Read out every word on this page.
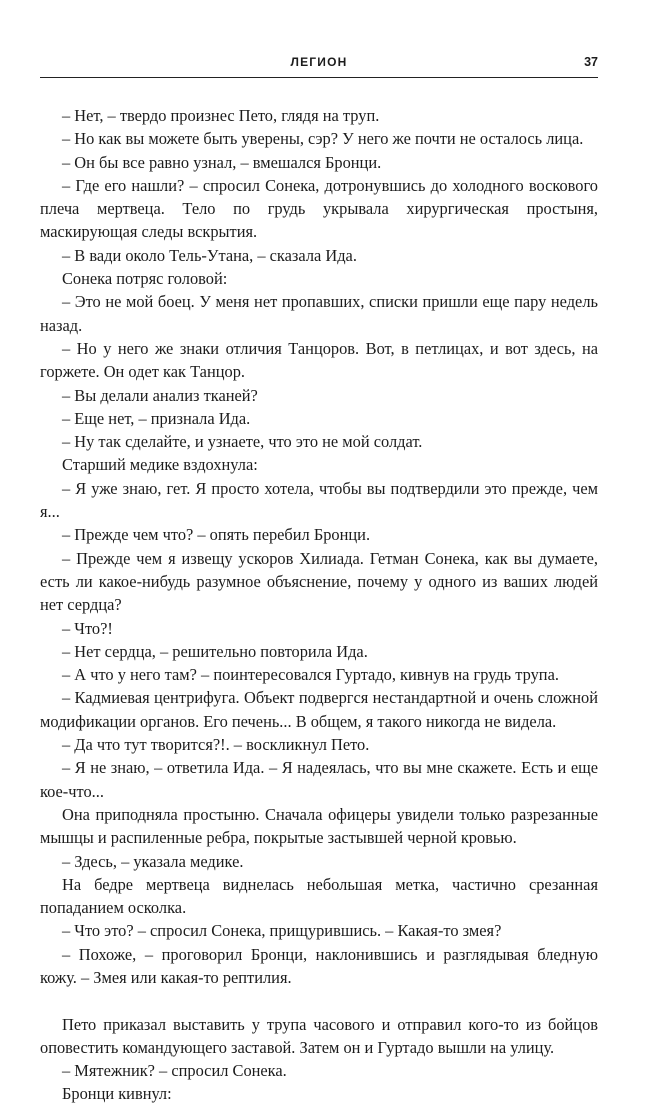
ЛЕГИОН	37

– Нет, – твердо произнес Пето, глядя на труп.

– Но как вы можете быть уверены, сэр? У него же почти не осталось лица.

– Он бы все равно узнал, – вмешался Бронци.

– Где его нашли? – спросил Сонека, дотронувшись до холодного воскового плеча мертвеца. Тело по грудь укрывала хирургическая простыня, маскирующая следы вскрытия.

– В вади около Тель-Утана, – сказала Ида.

Сонека потряс головой:

– Это не мой боец. У меня нет пропавших, списки пришли еще пару недель назад.

– Но у него же знаки отличия Танцоров. Вот, в петлицах, и вот здесь, на горжете. Он одет как Танцор.

– Вы делали анализ тканей?

– Еще нет, – признала Ида.

– Ну так сделайте, и узнаете, что это не мой солдат.

Старший медике вздохнула:

– Я уже знаю, гет. Я просто хотела, чтобы вы подтвердили это прежде, чем я...

– Прежде чем что? – опять перебил Бронци.

– Прежде чем я извещу ускоров Хилиада. Гетман Сонека, как вы думаете, есть ли какое-нибудь разумное объяснение, почему у одного из ваших людей нет сердца?

– Что?!

– Нет сердца, – решительно повторила Ида.

– А что у него там? – поинтересовался Гуртадо, кивнув на грудь трупа.

– Кадмиевая центрифуга. Объект подвергся нестандартной и очень сложной модификации органов. Его печень... В общем, я такого никогда не видела.

– Да что тут творится?!. – воскликнул Пето.

– Я не знаю, – ответила Ида. – Я надеялась, что вы мне скажете. Есть и еще кое-что...

Она приподняла простыню. Сначала офицеры увидели только разрезанные мышцы и распиленные ребра, покрытые застывшей черной кровью.

– Здесь, – указала медике.

На бедре мертвеца виднелась небольшая метка, частично срезанная попаданием осколка.

– Что это? – спросил Сонека, прищурившись. – Какая-то змея?

– Похоже, – проговорил Бронци, наклонившись и разглядывая бледную кожу. – Змея или какая-то рептилия.

Пето приказал выставить у трупа часового и отправил кого-то из бойцов оповестить командующего заставой. Затем он и Гуртадо вышли на улицу.

– Мятежник? – спросил Сонека.

Бронци кивнул:
